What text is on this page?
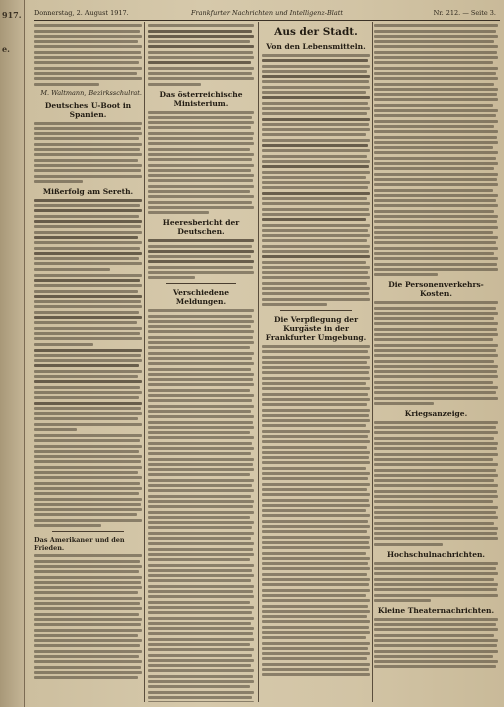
e.
917. Donnerstag, 2. August 1917.	Frankfurter Nachrichten und Intelligenz-Blatt	Nr. 212. — Seite 3.
M. Waltmann, Bezirksschulrat.
Deutsches U-Boot in Spanien.
Mißerfolg am Sereth.
Das Amerikaner und den Frieden.
Das österreichische Ministerium.
Heeresbericht der Deutschen.
Verschiedene Meldungen.
Aus der Stadt.
Von den Lebensmitteln.
Die Verpflegung der Kurgäste in der Frankfurter Umgebung.
Die Personenverkehrs-Kosten.
Kriegsanzeige.
Hochschulnachrichten.
Kleine Theaternachrichten.
